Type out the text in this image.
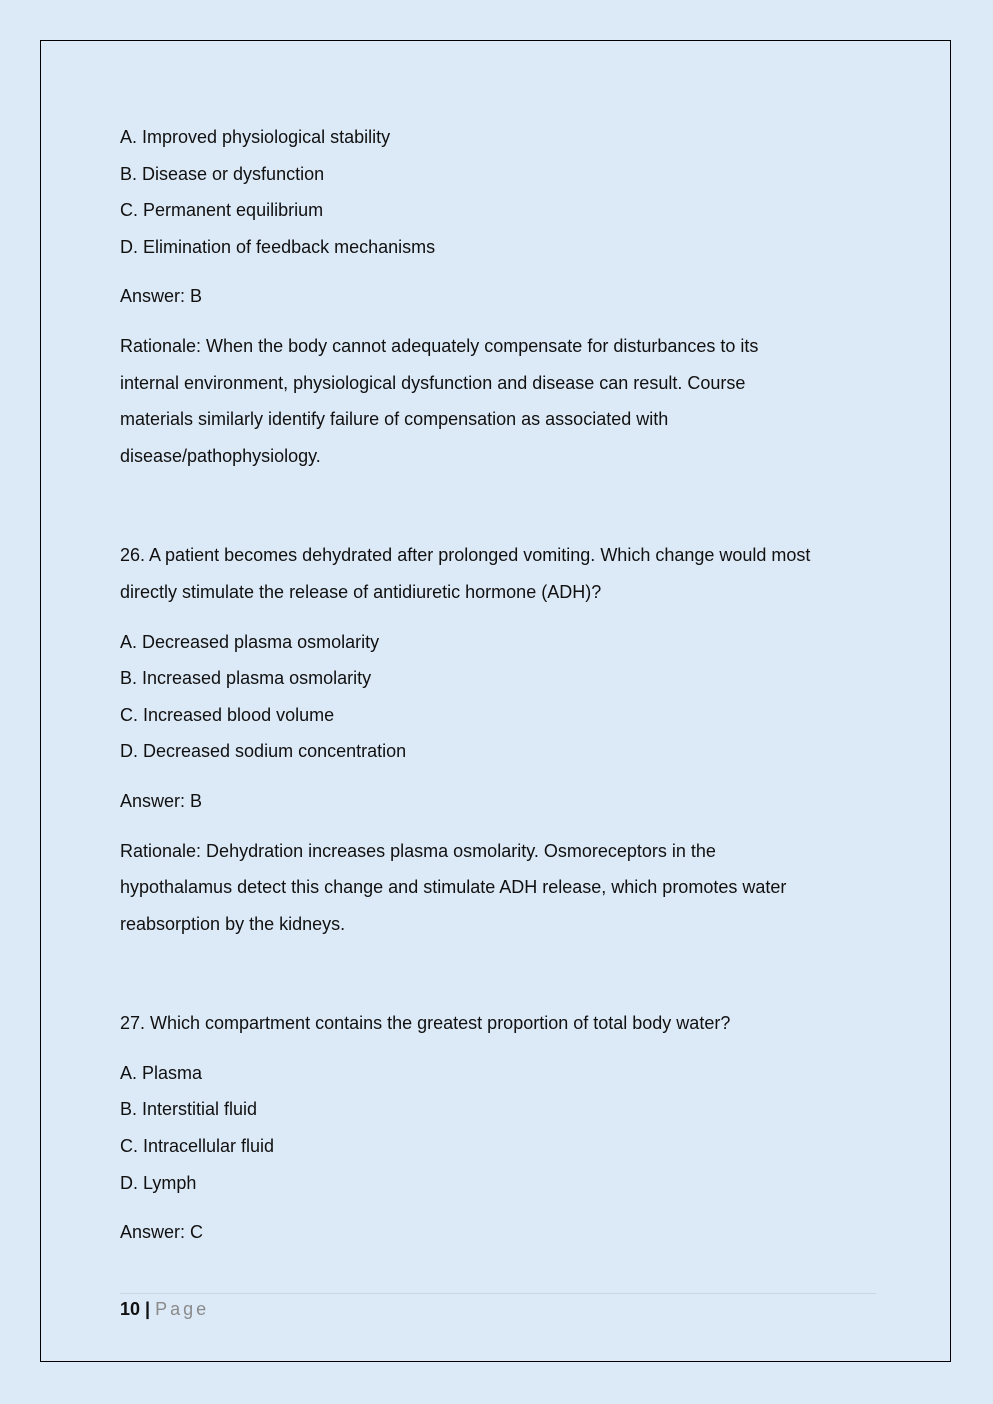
A. Improved physiological stability

B. Disease or dysfunction

C. Permanent equilibrium

D. Elimination of feedback mechanisms

Answer: B

Rationale: When the body cannot adequately compensate for disturbances to its

internal environment, physiological dysfunction and disease can result. Course

materials similarly identify failure of compensation as associated with

disease/pathophysiology.

26. A patient becomes dehydrated after prolonged vomiting. Which change would most

directly stimulate the release of antidiuretic hormone (ADH)?

A. Decreased plasma osmolarity

B. Increased plasma osmolarity

C. Increased blood volume

D. Decreased sodium concentration

Answer: B

Rationale: Dehydration increases plasma osmolarity. Osmoreceptors in the

hypothalamus detect this change and stimulate ADH release, which promotes water

reabsorption by the kidneys.

27. Which compartment contains the greatest proportion of total body water?

A. Plasma

B. Interstitial fluid

C. Intracellular fluid

D. Lymph

Answer: C

10 | Page
